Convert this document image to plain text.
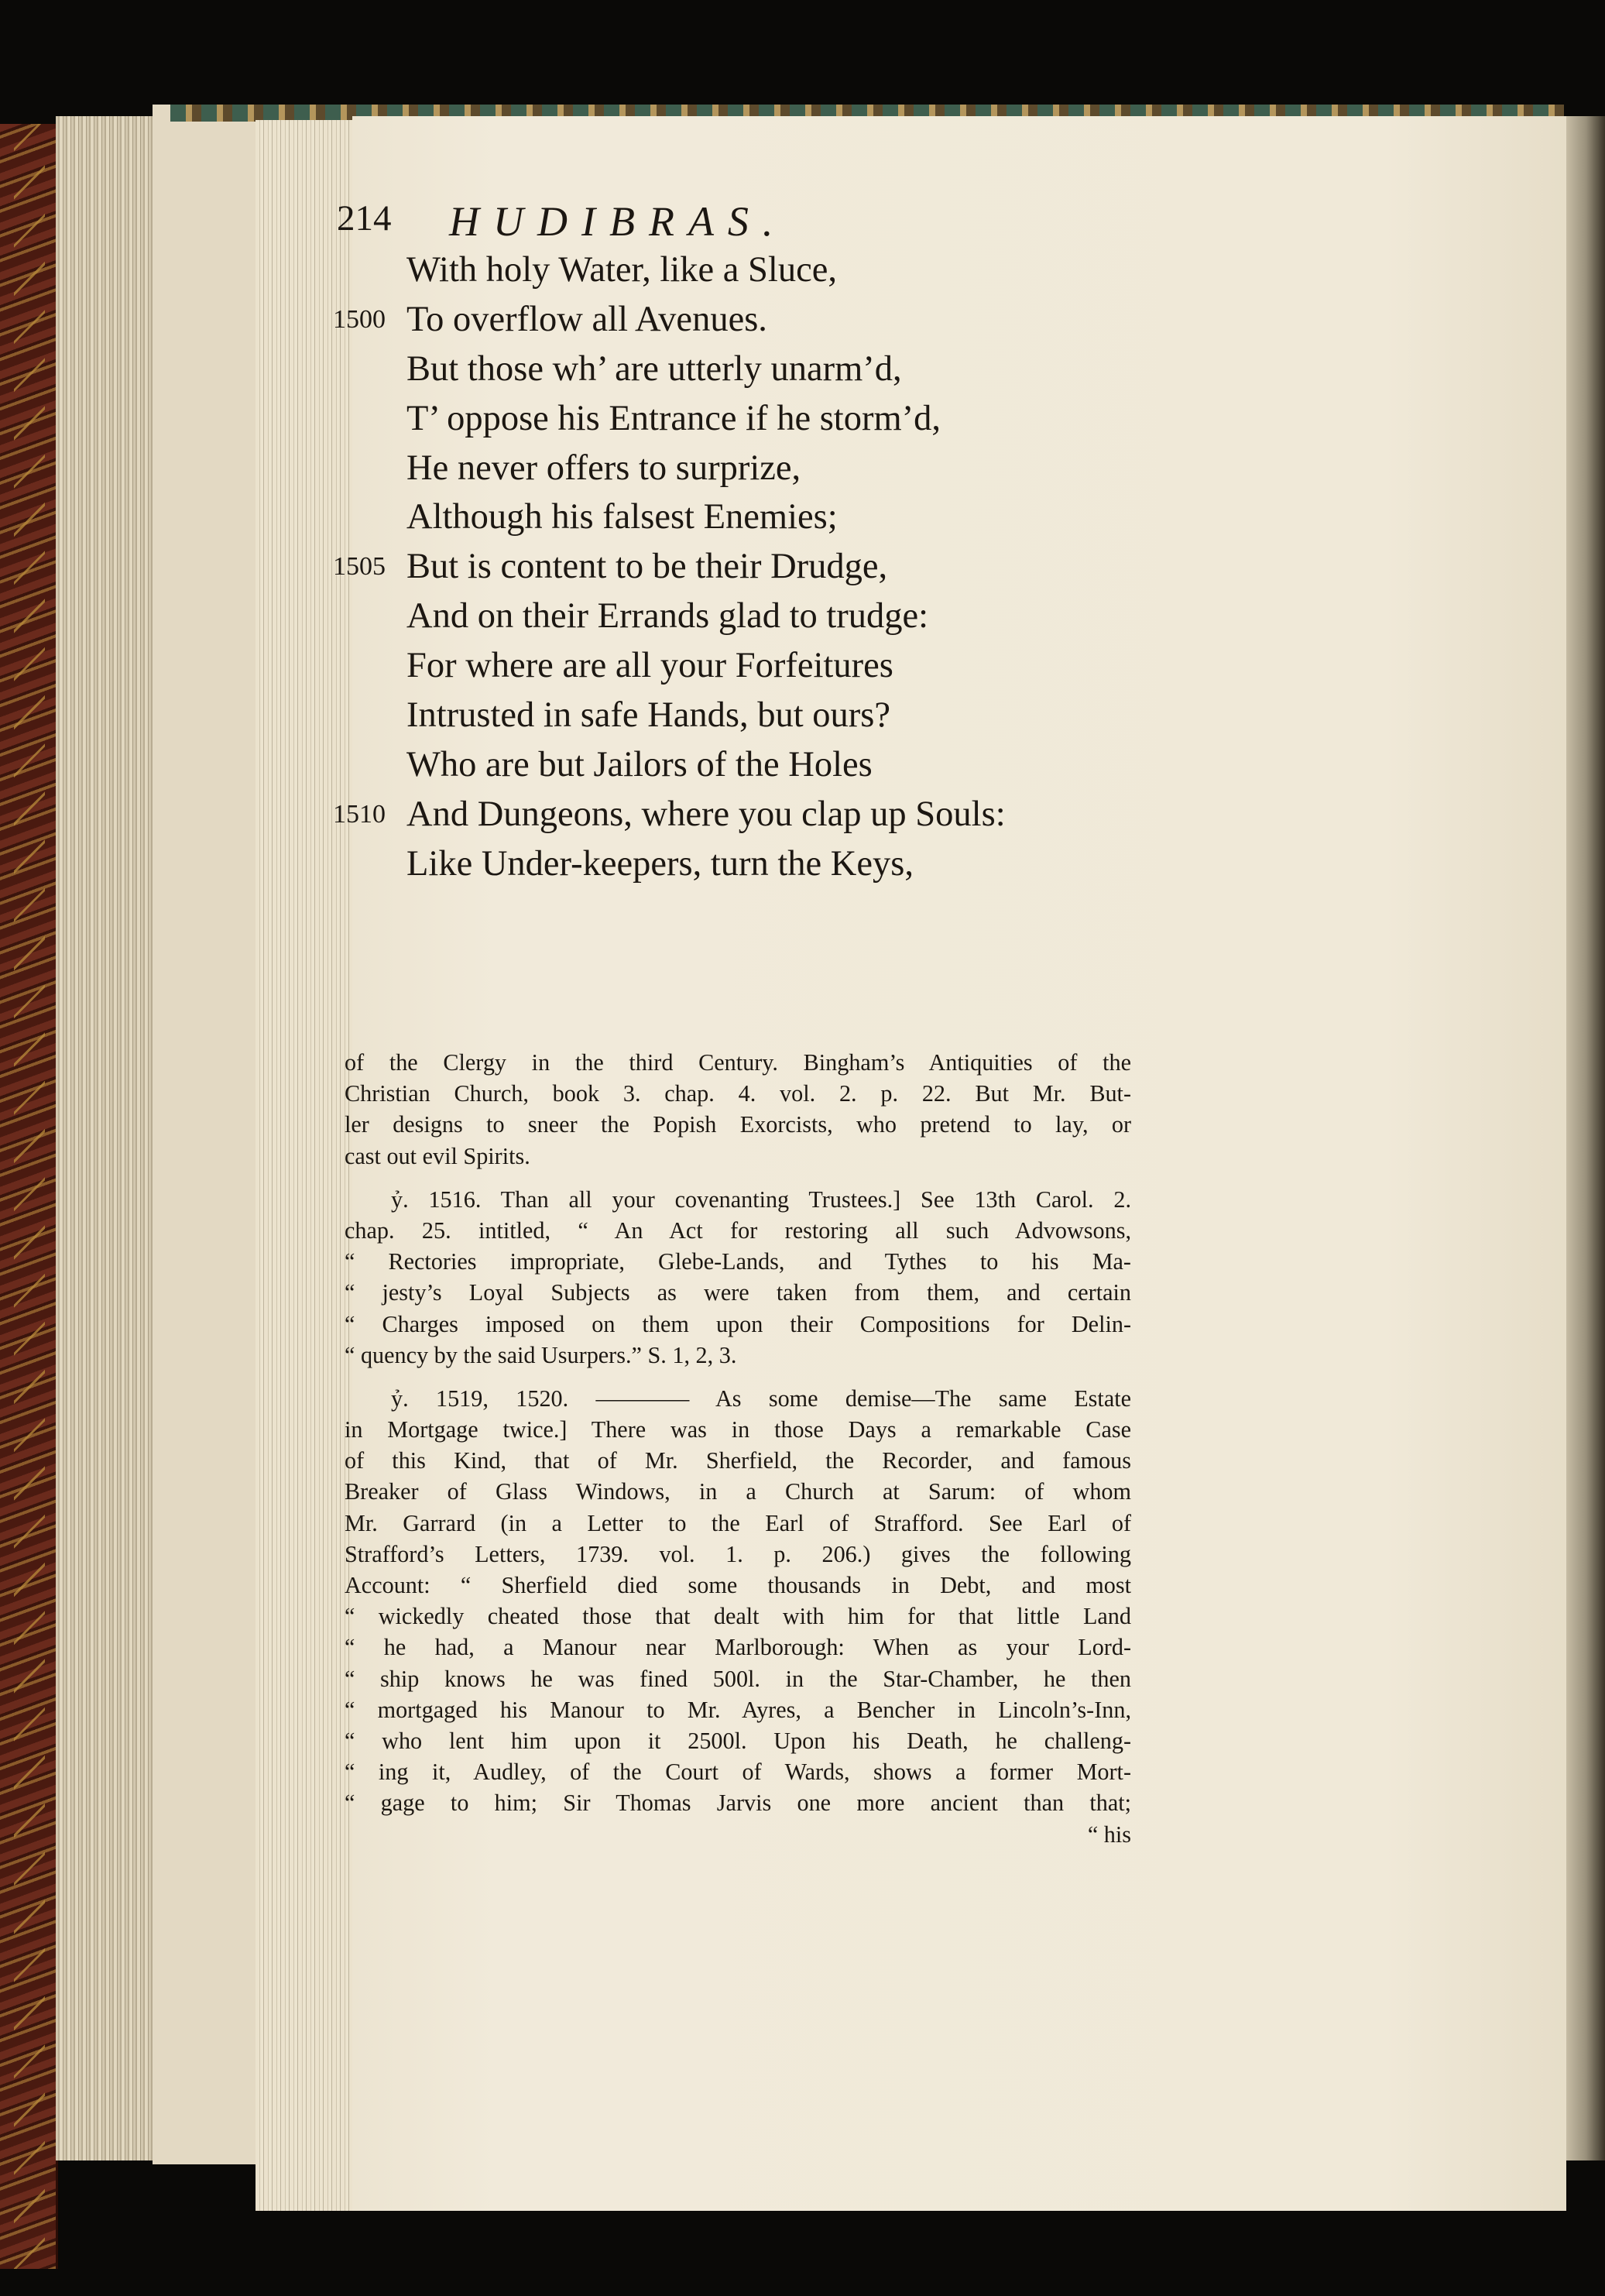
214 HUDIBRAS.
With holy Water, like a Sluce,
1500 To overflow all Avenues.
But those wh’ are utterly unarm’d,
T’ oppose his Entrance if he storm’d,
He never offers to surprize,
Although his falsest Enemies;
1505 But is content to be their Drudge,
And on their Errands glad to trudge:
For where are all your Forfeitures
Intrusted in safe Hands, but ours?
Who are but Jailors of the Holes
1510 And Dungeons, where you clap up Souls:
Like Under-keepers, turn the Keys,
of the Clergy in the third Century. Bingham’s Antiquities of the
Christian Church, book 3. chap. 4. vol. 2. p. 22. But Mr. But-
ler designs to sneer the Popish Exorcists, who pretend to lay, or
cast out evil Spirits.
ỷ. 1516. Than all your covenanting Trustees.] See 13th Carol. 2.
chap. 25. intitled, “ An Act for restoring all such Advowsons,
“ Rectories impropriate, Glebe-Lands, and Tythes to his Ma-
“ jesty’s Loyal Subjects as were taken from them, and certain
“ Charges imposed on them upon their Compositions for Delin-
“ quency by the said Usurpers.” S. 1, 2, 3.
ỷ. 1519, 1520. ———— As some demise—The same Estate
in Mortgage twice.] There was in those Days a remarkable Case
of this Kind, that of Mr. Sherfield, the Recorder, and famous
Breaker of Glass Windows, in a Church at Sarum: of whom
Mr. Garrard (in a Letter to the Earl of Strafford. See Earl of
Strafford’s Letters, 1739. vol. 1. p. 206.) gives the following
Account: “ Sherfield died some thousands in Debt, and most
“ wickedly cheated those that dealt with him for that little Land
“ he had, a Manour near Marlborough: When as your Lord-
“ ship knows he was fined 500l. in the Star-Chamber, he then
“ mortgaged his Manour to Mr. Ayres, a Bencher in Lincoln’s-Inn,
“ who lent him upon it 2500l. Upon his Death, he challeng-
“ ing it, Audley, of the Court of Wards, shows a former Mort-
“ gage to him; Sir Thomas Jarvis one more ancient than that;
“ his
